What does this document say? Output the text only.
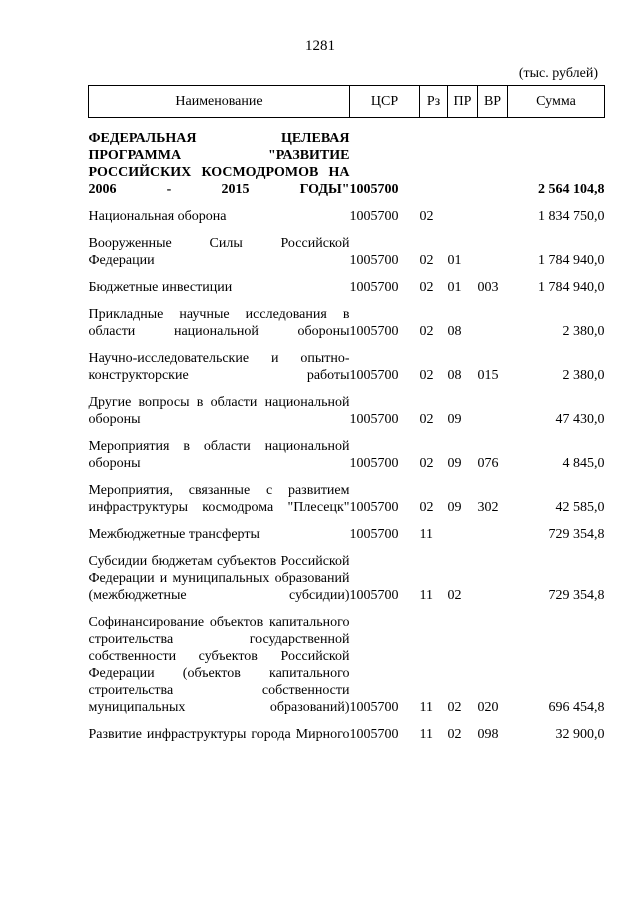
1281
(тыс. рублей)
Наименование	ЦСР	Рз	ПР	ВР	Сумма
ФЕДЕРАЛЬНАЯ ЦЕЛЕВАЯ ПРОГРАММА "РАЗВИТИЕ РОССИЙСКИХ КОСМОДРОМОВ НА 2006 - 2015 ГОДЫ"	1005700				2 564 104,8
Национальная оборона	1005700	02			1 834 750,0
Вооруженные Силы Российской Федерации	1005700	02	01		1 784 940,0
Бюджетные инвестиции	1005700	02	01	003	1 784 940,0
Прикладные научные исследования в области национальной обороны	1005700	02	08		2 380,0
Научно-исследовательские и опытно-конструкторские работы	1005700	02	08	015	2 380,0
Другие вопросы в области национальной обороны	1005700	02	09		47 430,0
Мероприятия в области национальной обороны	1005700	02	09	076	4 845,0
Мероприятия, связанные с развитием инфраструктуры космодрома "Плесецк"	1005700	02	09	302	42 585,0
Межбюджетные трансферты	1005700	11			729 354,8
Субсидии бюджетам субъектов Российской Федерации и муниципальных образований (межбюджетные субсидии)	1005700	11	02		729 354,8
Софинансирование объектов капитального строительства государственной собственности субъектов Российской Федерации (объектов капитального строительства собственности муниципальных образований)	1005700	11	02	020	696 454,8
Развитие инфраструктуры города Мирного	1005700	11	02	098	32 900,0
